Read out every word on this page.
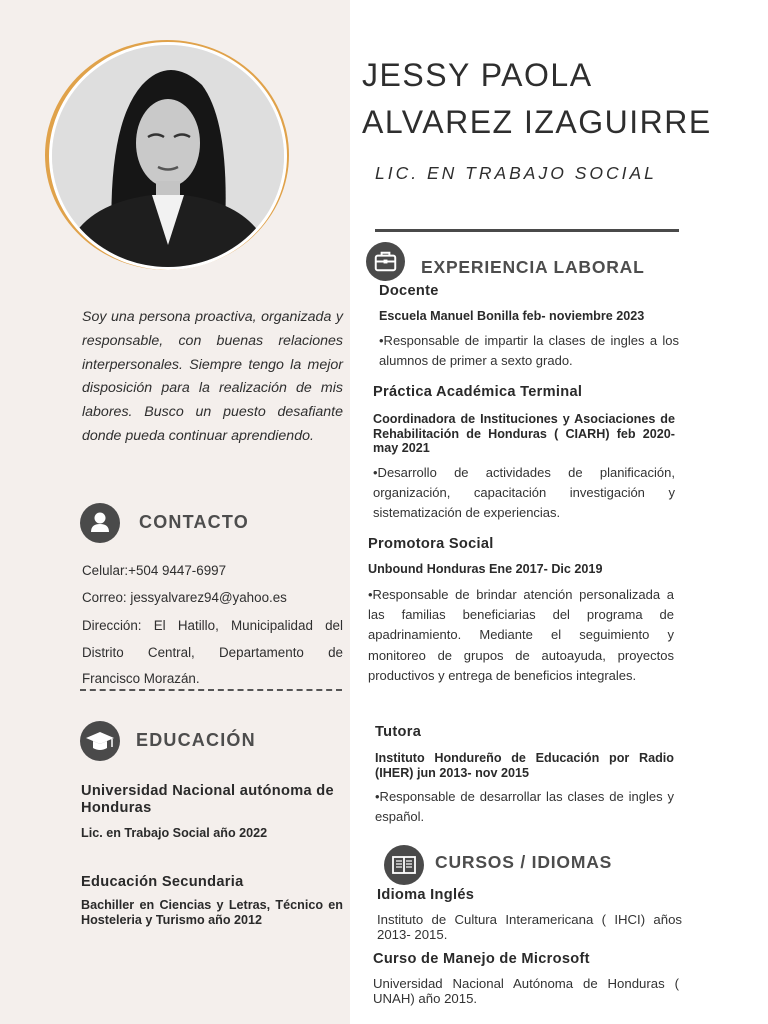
Soy una persona proactiva, organizada y responsable, con buenas relaciones interpersonales. Siempre tengo la mejor disposición para la realización de mis labores. Busco un puesto desafiante donde pueda continuar aprendiendo.

CONTACTO
Celular:+504 9447-6997
Correo: jessyalvarez94@yahoo.es
Dirección: El Hatillo, Municipalidad del Distrito Central, Departamento de Francisco Morazán.
EDUCACIÓN
Universidad Nacional autónoma de Honduras
Lic. en Trabajo Social año 2022
Educación Secundaria
Bachiller en Ciencias y Letras, Técnico en Hosteleria y Turismo año 2012
JESSY PAOLA
ALVAREZ IZAGUIRRE
LIC. EN TRABAJO SOCIAL
EXPERIENCIA LABORAL
Docente
Escuela Manuel Bonilla feb- noviembre 2023
•Responsable de impartir la clases de ingles a los alumnos de primer a sexto grado.
Práctica Académica Terminal
Coordinadora de Instituciones y Asociaciones de Rehabilitación de Honduras ( CIARH) feb 2020- may 2021
•Desarrollo de actividades de planificación, organización, capacitación investigación y sistematización de experiencias.
Promotora Social
Unbound Honduras Ene 2017- Dic 2019
•Responsable de brindar atención personalizada a las familias beneficiarias del programa de apadrinamiento. Mediante el seguimiento y monitoreo de grupos de autoayuda, proyectos productivos y entrega de beneficios integrales.
Tutora
Instituto Hondureño de Educación por Radio (IHER) jun 2013- nov 2015
•Responsable de desarrollar las clases de ingles y español.
CURSOS / IDIOMAS
Idioma Inglés
Instituto de Cultura Interamericana ( IHCI) años 2013- 2015.
Curso de Manejo de Microsoft
Universidad Nacional Autónoma de Honduras ( UNAH) año 2015.
